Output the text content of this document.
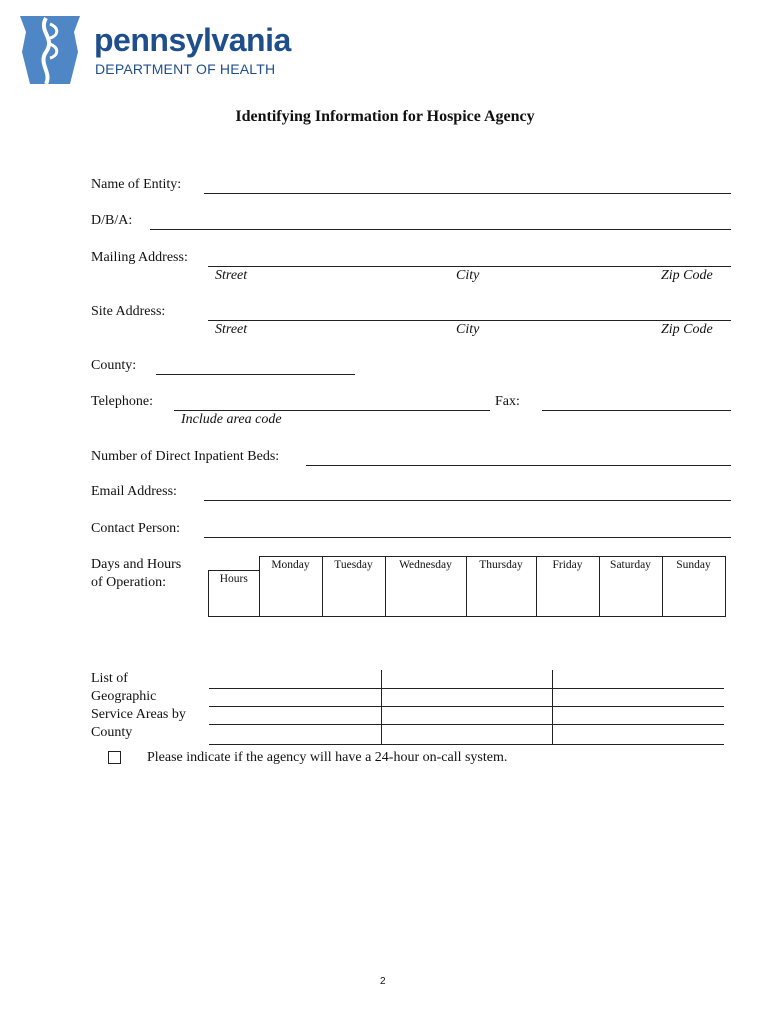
pennsylvania
DEPARTMENT OF HEALTH
Identifying Information for Hospice Agency
Name of Entity:
D/B/A:
Mailing Address:
Street	City	Zip Code
Site Address:
Street	City	Zip Code
County:
Telephone:	Fax:
Include area code
Number of Direct Inpatient Beds:
Email Address:
Contact Person:
Days and Hours
of Operation:
	Monday	Tuesday	Wednesday	Thursday	Friday	Saturday	Sunday
Hours
List of
Geographic
Service Areas by
County
Please indicate if the agency will have a 24-hour on-call system.
2
